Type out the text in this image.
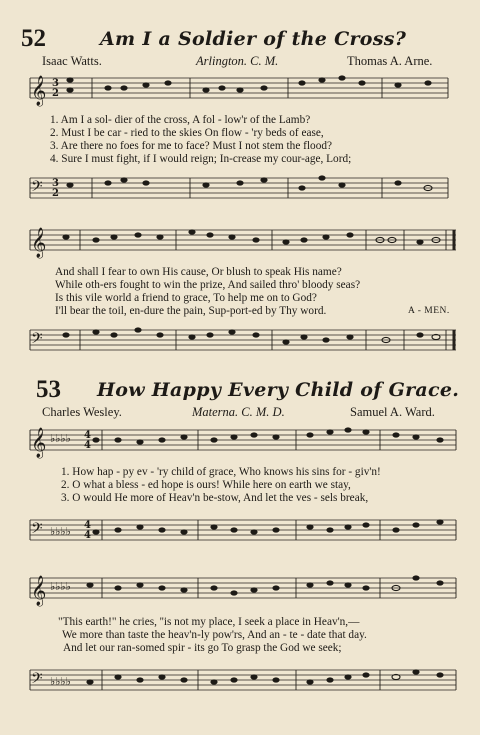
52	Am I a Soldier of the Cross?
Isaac Watts.	Arlington. C. M.	Thomas A. Arne.
𝄞 3
2
1. Am I a sol- dier of the cross, A fol - low'r of the Lamb?
2. Must I be car - ried to the skies On flow - 'ry beds of ease,
3. Are there no foes for me to face? Must I not stem the flood?
4. Sure I must fight, if I would reign; In-crease my cour-age, Lord;
𝄢 3
2
𝄞
And shall I fear to own His cause, Or blush to speak His name?
While oth-ers fought to win the prize, And sailed thro' bloody seas?
Is this vile world a friend to grace, To help me on to God?
I'll bear the toil, en-dure the pain, Sup-port-ed by Thy word.	A - MEN.
𝄢
53 How Happy Every Child of Grace.
Charles Wesley.	Materna. C. M. D.	Samuel A. Ward.
𝄞 ♭♭♭♭ 4
4
1. How hap - py ev - 'ry child of grace, Who knows his sins for - giv'n!
2. O what a bless - ed hope is ours! While here on earth we stay,
3. O would He more of Heav'n be-stow, And let the ves - sels break,
𝄢 ♭♭♭♭ 4
4
𝄞 ♭♭♭♭
"This earth!" he cries, ''is not my place, I seek a place in Heav'n,—
We more than taste the heav'n-ly pow'rs, And an - te - date that day.
And let our ran-somed spir - its go To grasp the God we seek;
𝄢 ♭♭♭♭
